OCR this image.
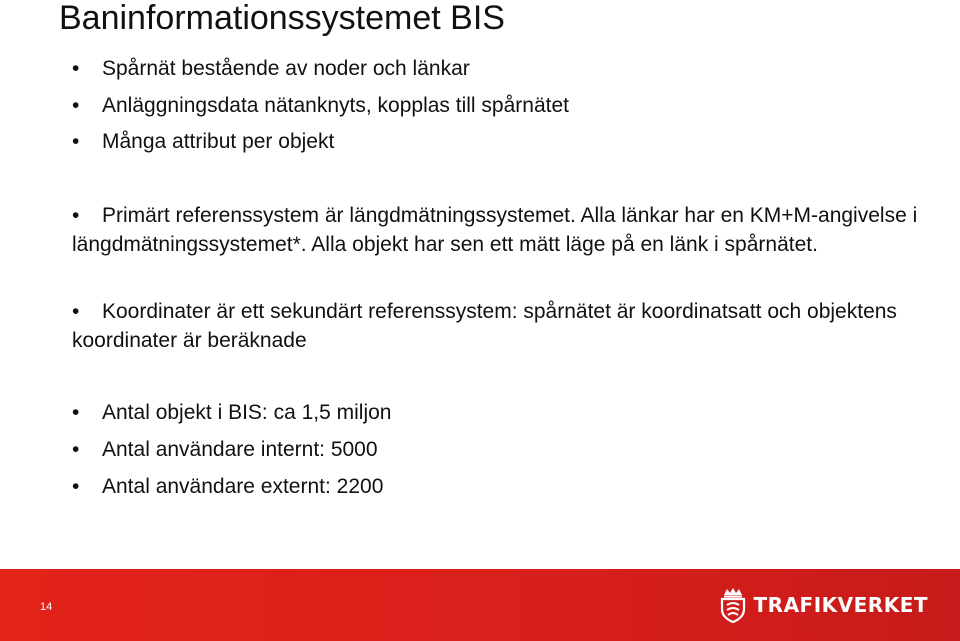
Baninformationssystemet BIS
• Spårnät bestående av noder och länkar
• Anläggningsdata nätanknyts, kopplas till spårnätet
• Många attribut per objekt
• Primärt referenssystem är längdmätningssystemet. Alla länkar har en KM+M-angivelse i längdmätningssystemet*. Alla objekt har sen ett mätt läge på en länk i spårnätet.
• Koordinater är ett sekundärt referenssystem: spårnätet är koordinatsatt och objektens koordinater är beräknade
• Antal objekt i BIS: ca 1,5 miljon
• Antal användare internt: 5000
• Antal användare externt: 2200
14	TRAFIKVERKET
